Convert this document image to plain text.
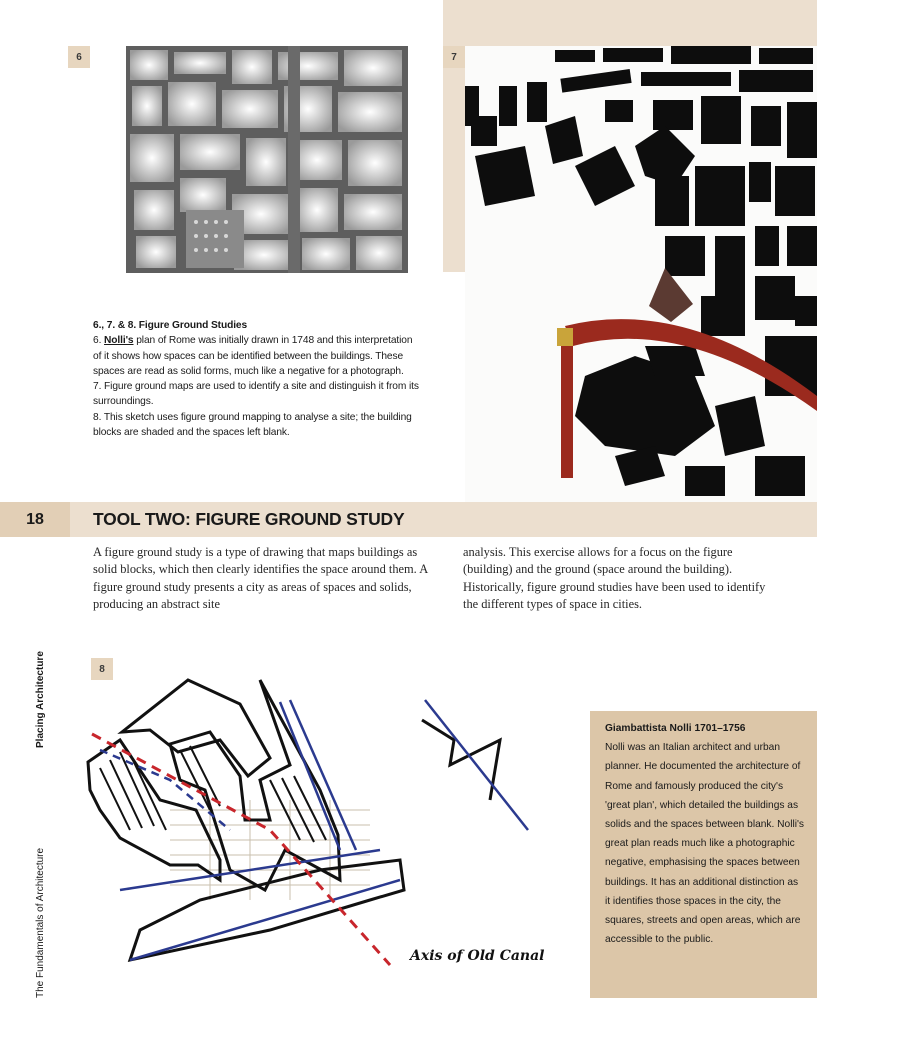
6	7
6., 7. & 8. Figure Ground Studies
6. Nolli's plan of Rome was initially drawn in 1748 and this interpretation of it shows how spaces can be identified between the buildings. These spaces are read as solid forms, much like a negative for a photograph.
7. Figure ground maps are used to identify a site and distinguish it from its surroundings.
8. This sketch uses figure ground mapping to analyse a site; the building blocks are shaded and the spaces left blank.
18	TOOL TWO: FIGURE GROUND STUDY
A figure ground study is a type of drawing that maps buildings as solid blocks, which then clearly identifies the space around them. A figure ground study presents a city as areas of spaces and solids, producing an abstract site
analysis. This exercise allows for a focus on the figure (building) and the ground (space around the building). Historically, figure ground studies have been used to identify the different types of space in cities.
Placing Architecture
The Fundamentals of Architecture
8
Axis of Old Canal
Giambattista Nolli 1701–1756
Nolli was an Italian architect and urban planner. He documented the architecture of Rome and famously produced the city's 'great plan', which detailed the buildings as solids and the spaces between blank. Nolli's great plan reads much like a photographic negative, emphasising the spaces between buildings. It has an additional distinction as it identifies those spaces in the city, the squares, streets and open areas, which are accessible to the public.
